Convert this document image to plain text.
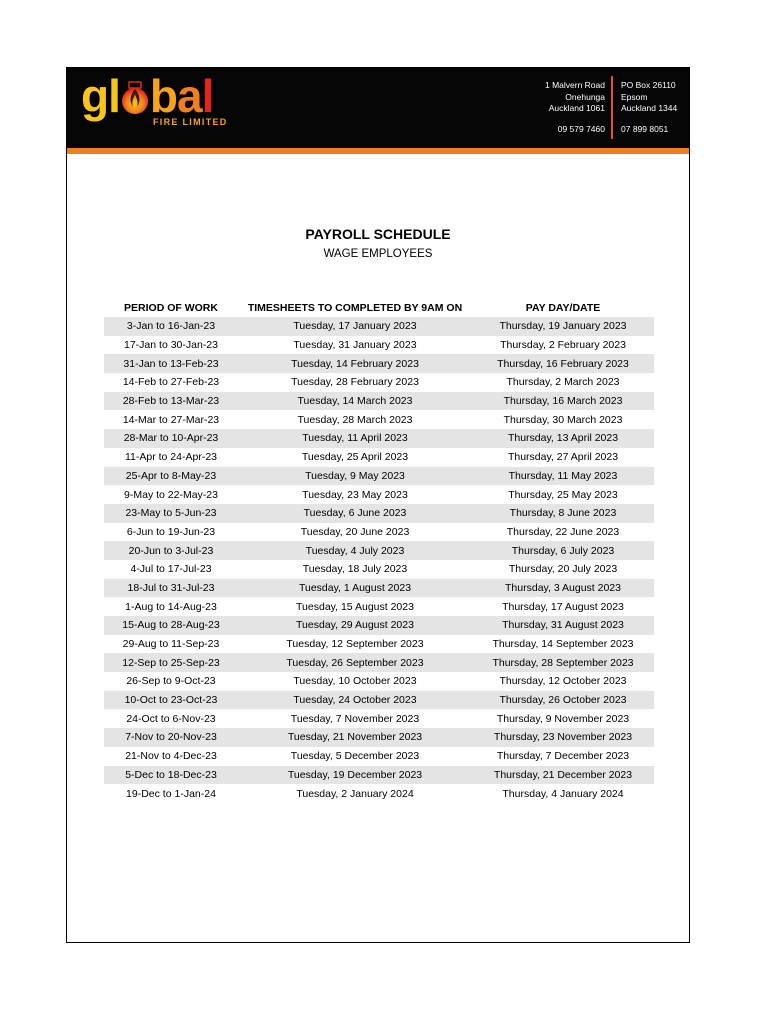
gl bal
FIRE LIMITED
1 Malvern Road
Onehunga
Auckland 1061
09 579 7460
PO Box 26110
Epsom
Auckland 1344
07 899 8051
PAYROLL SCHEDULE
WAGE EMPLOYEES
PERIOD OF WORK	TIMESHEETS TO COMPLETED BY 9AM ON	PAY DAY/DATE
3-Jan to 16-Jan-23	Tuesday, 17 January 2023	Thursday, 19 January 2023
17-Jan to 30-Jan-23	Tuesday, 31 January 2023	Thursday, 2 February 2023
31-Jan to 13-Feb-23	Tuesday, 14 February 2023	Thursday, 16 February 2023
14-Feb to 27-Feb-23	Tuesday, 28 February 2023	Thursday, 2 March 2023
28-Feb to 13-Mar-23	Tuesday, 14 March 2023	Thursday, 16 March 2023
14-Mar to 27-Mar-23	Tuesday, 28 March 2023	Thursday, 30 March 2023
28-Mar to 10-Apr-23	Tuesday, 11 April 2023	Thursday, 13 April 2023
11-Apr to 24-Apr-23	Tuesday, 25 April 2023	Thursday, 27 April 2023
25-Apr to 8-May-23	Tuesday, 9 May 2023	Thursday, 11 May 2023
9-May to 22-May-23	Tuesday, 23 May 2023	Thursday, 25 May 2023
23-May to 5-Jun-23	Tuesday, 6 June 2023	Thursday, 8 June 2023
6-Jun to 19-Jun-23	Tuesday, 20 June 2023	Thursday, 22 June 2023
20-Jun to 3-Jul-23	Tuesday, 4 July 2023	Thursday, 6 July 2023
4-Jul to 17-Jul-23	Tuesday, 18 July 2023	Thursday, 20 July 2023
18-Jul to 31-Jul-23	Tuesday, 1 August 2023	Thursday, 3 August 2023
1-Aug to 14-Aug-23	Tuesday, 15 August 2023	Thursday, 17 August 2023
15-Aug to 28-Aug-23	Tuesday, 29 August 2023	Thursday, 31 August 2023
29-Aug to 11-Sep-23	Tuesday, 12 September 2023	Thursday, 14 September 2023
12-Sep to 25-Sep-23	Tuesday, 26 September 2023	Thursday, 28 September 2023
26-Sep to 9-Oct-23	Tuesday, 10 October 2023	Thursday, 12 October 2023
10-Oct to 23-Oct-23	Tuesday, 24 October 2023	Thursday, 26 October 2023
24-Oct to 6-Nov-23	Tuesday, 7 November 2023	Thursday, 9 November 2023
7-Nov to 20-Nov-23	Tuesday, 21 November 2023	Thursday, 23 November 2023
21-Nov to 4-Dec-23	Tuesday, 5 December 2023	Thursday, 7 December 2023
5-Dec to 18-Dec-23	Tuesday, 19 December 2023	Thursday, 21 December 2023
19-Dec to 1-Jan-24	Tuesday, 2 January 2024	Thursday, 4 January 2024
